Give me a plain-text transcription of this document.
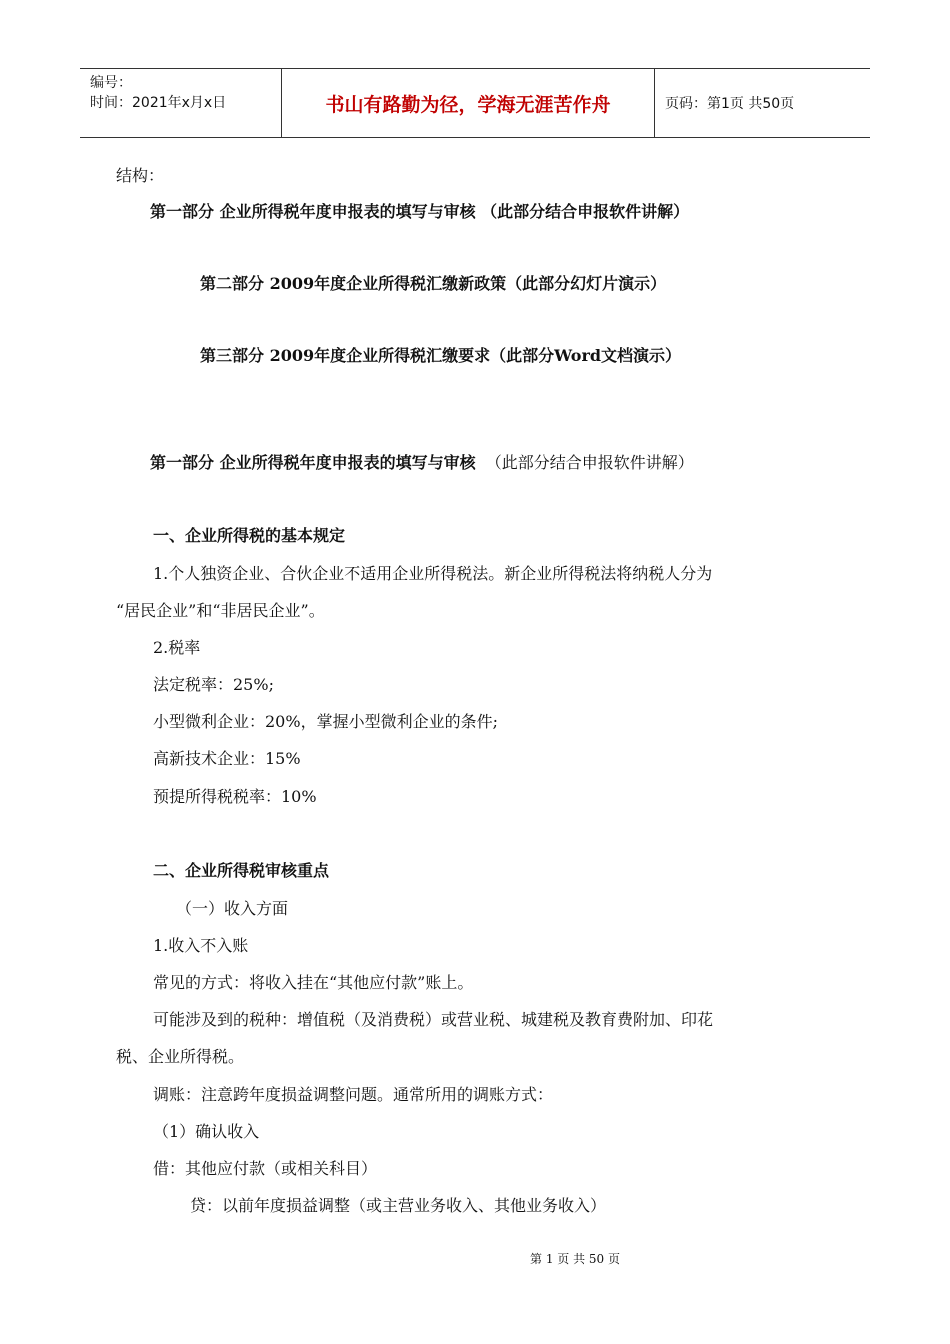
编号：
时间：2021年x月x日	书山有路勤为径，学海无涯苦作舟	页码：第1页 共50页
结构：
第一部分 企业所得税年度申报表的填写与审核 （此部分结合申报软件讲解）
第二部分 2009年度企业所得税汇缴新政策（此部分幻灯片演示）
第三部分 2009年度企业所得税汇缴要求（此部分Word文档演示）
第一部分 企业所得税年度申报表的填写与审核 （此部分结合申报软件讲解）
一、企业所得税的基本规定
1.个人独资企业、合伙企业不适用企业所得税法。新企业所得税法将纳税人分为
“居民企业”和“非居民企业”。
2.税率
法定税率：25%;
小型微利企业：20%，掌握小型微利企业的条件;
高新技术企业：15%
预提所得税税率：10%
二、企业所得税审核重点
（一）收入方面
1.收入不入账
常见的方式：将收入挂在“其他应付款”账上。
可能涉及到的税种：增值税（及消费税）或营业税、城建税及教育费附加、印花
税、企业所得税。
调账：注意跨年度损益调整问题。通常所用的调账方式：
（1）确认收入
借：其他应付款（或相关科目）
贷：以前年度损益调整（或主营业务收入、其他业务收入）
第 1 页 共 50 页
